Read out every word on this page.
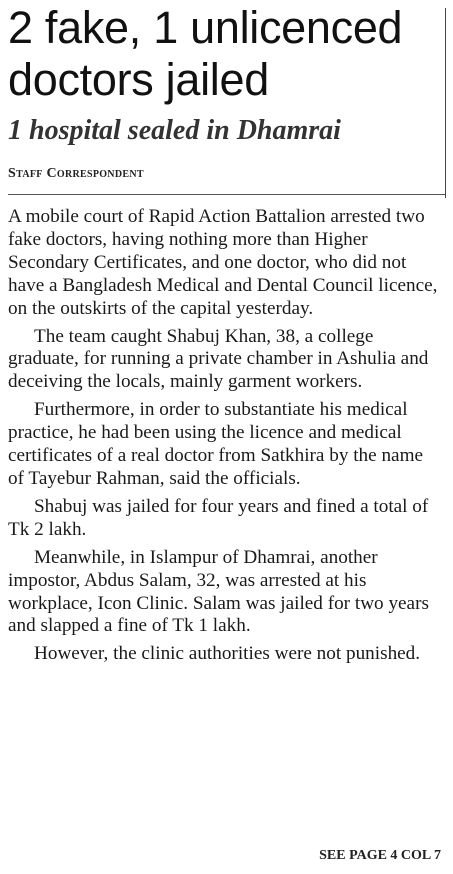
2 fake, 1 unlicenced doctors jailed
1 hospital sealed in Dhamrai
Staff Correspondent

A mobile court of Rapid Action Battalion arrested two fake doctors, having nothing more than Higher Secondary Certificates, and one doctor, who did not have a Bangladesh Medical and Dental Council licence, on the outskirts of the capital yesterday.

The team caught Shabuj Khan, 38, a college graduate, for running a private chamber in Ashulia and deceiving the locals, mainly garment workers.

Furthermore, in order to substantiate his medical practice, he had been using the licence and medical certificates of a real doctor from Satkhira by the name of Tayebur Rahman, said the officials.

Shabuj was jailed for four years and fined a total of Tk 2 lakh.

Meanwhile, in Islampur of Dhamrai, another impostor, Abdus Salam, 32, was arrested at his workplace, Icon Clinic. Salam was jailed for two years and slapped a fine of Tk 1 lakh.

However, the clinic authorities were not punished.

SEE PAGE 4 COL 7
